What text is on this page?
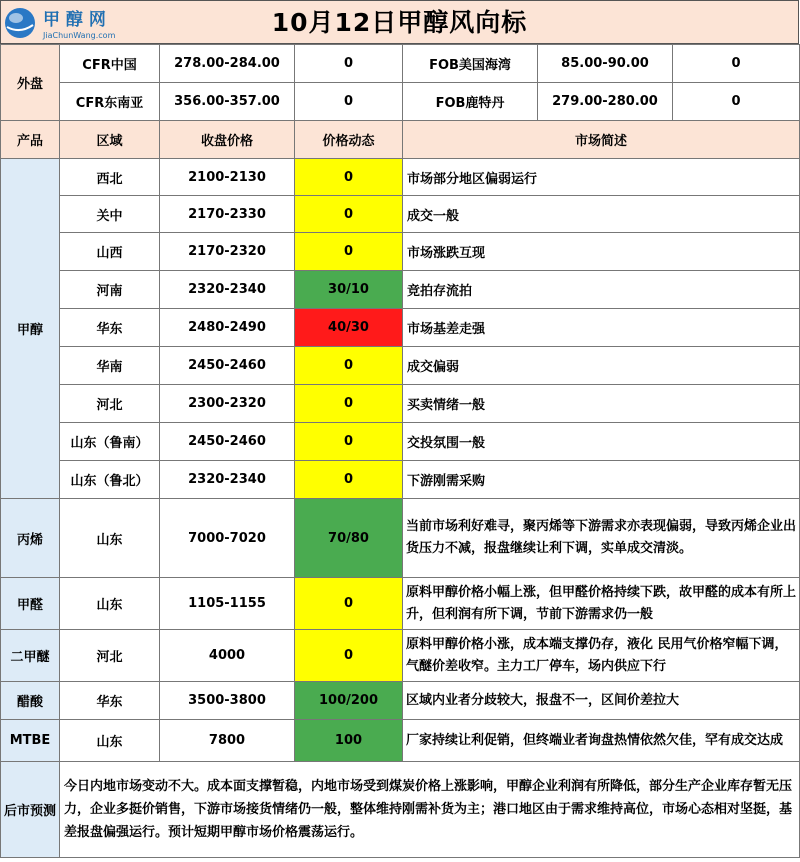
甲 醇 网
JiaChunWang.com	10月12日甲醇风向标
外盘	CFR中国	278.00-284.00	0	FOB美国海湾	85.00-90.00	0
	CFR东南亚	356.00-357.00	0	FOB鹿特丹	279.00-280.00	0
产品	区域	收盘价格	价格动态	市场简述		
甲醇	西北	2100-2130	0	市场部分地区偏弱运行		
	关中	2170-2330	0	成交一般		
	山西	2170-2320	0	市场涨跌互现		
	河南	2320-2340	30/10	竞拍存流拍		
	华东	2480-2490	40/30	市场基差走强		
	华南	2450-2460	0	成交偏弱		
	河北	2300-2320	0	买卖情绪一般		
	山东（鲁南）	2450-2460	0	交投氛围一般		
	山东（鲁北）	2320-2340	0	下游刚需采购		
丙烯	山东	7000-7020	70/80	当前市场利好难寻，聚丙烯等下游需求亦表现偏弱，导致丙烯企业出货压力不减，报盘继续让利下调，实单成交清淡。		
甲醛	山东	1105-1155	0	原料甲醇价格小幅上涨，但甲醛价格持续下跌，故甲醛的成本有所上升，但利润有所下调，节前下游需求仍一般		
二甲醚	河北	4000	0	原料甲醇价格小涨，成本端支撑仍存，液化 民用气价格窄幅下调，气醚价差收窄。主力工厂停车，场内供应下行		
醋酸	华东	3500-3800	100/200	区域内业者分歧较大，报盘不一，区间价差拉大		
MTBE	山东	7800	100	厂家持续让利促销，但终端业者询盘热情依然欠佳，罕有成交达成		
后市预测	今日内地市场变动不大。成本面支撑暂稳，内地市场受到煤炭价格上涨影响，甲醇企业利润有所降低，部分生产企业库存暂无压力，企业多挺价销售，下游市场接货情绪仍一般，整体维持刚需补货为主；港口地区由于需求维持高位，市场心态相对坚挺，基差报盘偏强运行。预计短期甲醇市场价格震荡运行。					
